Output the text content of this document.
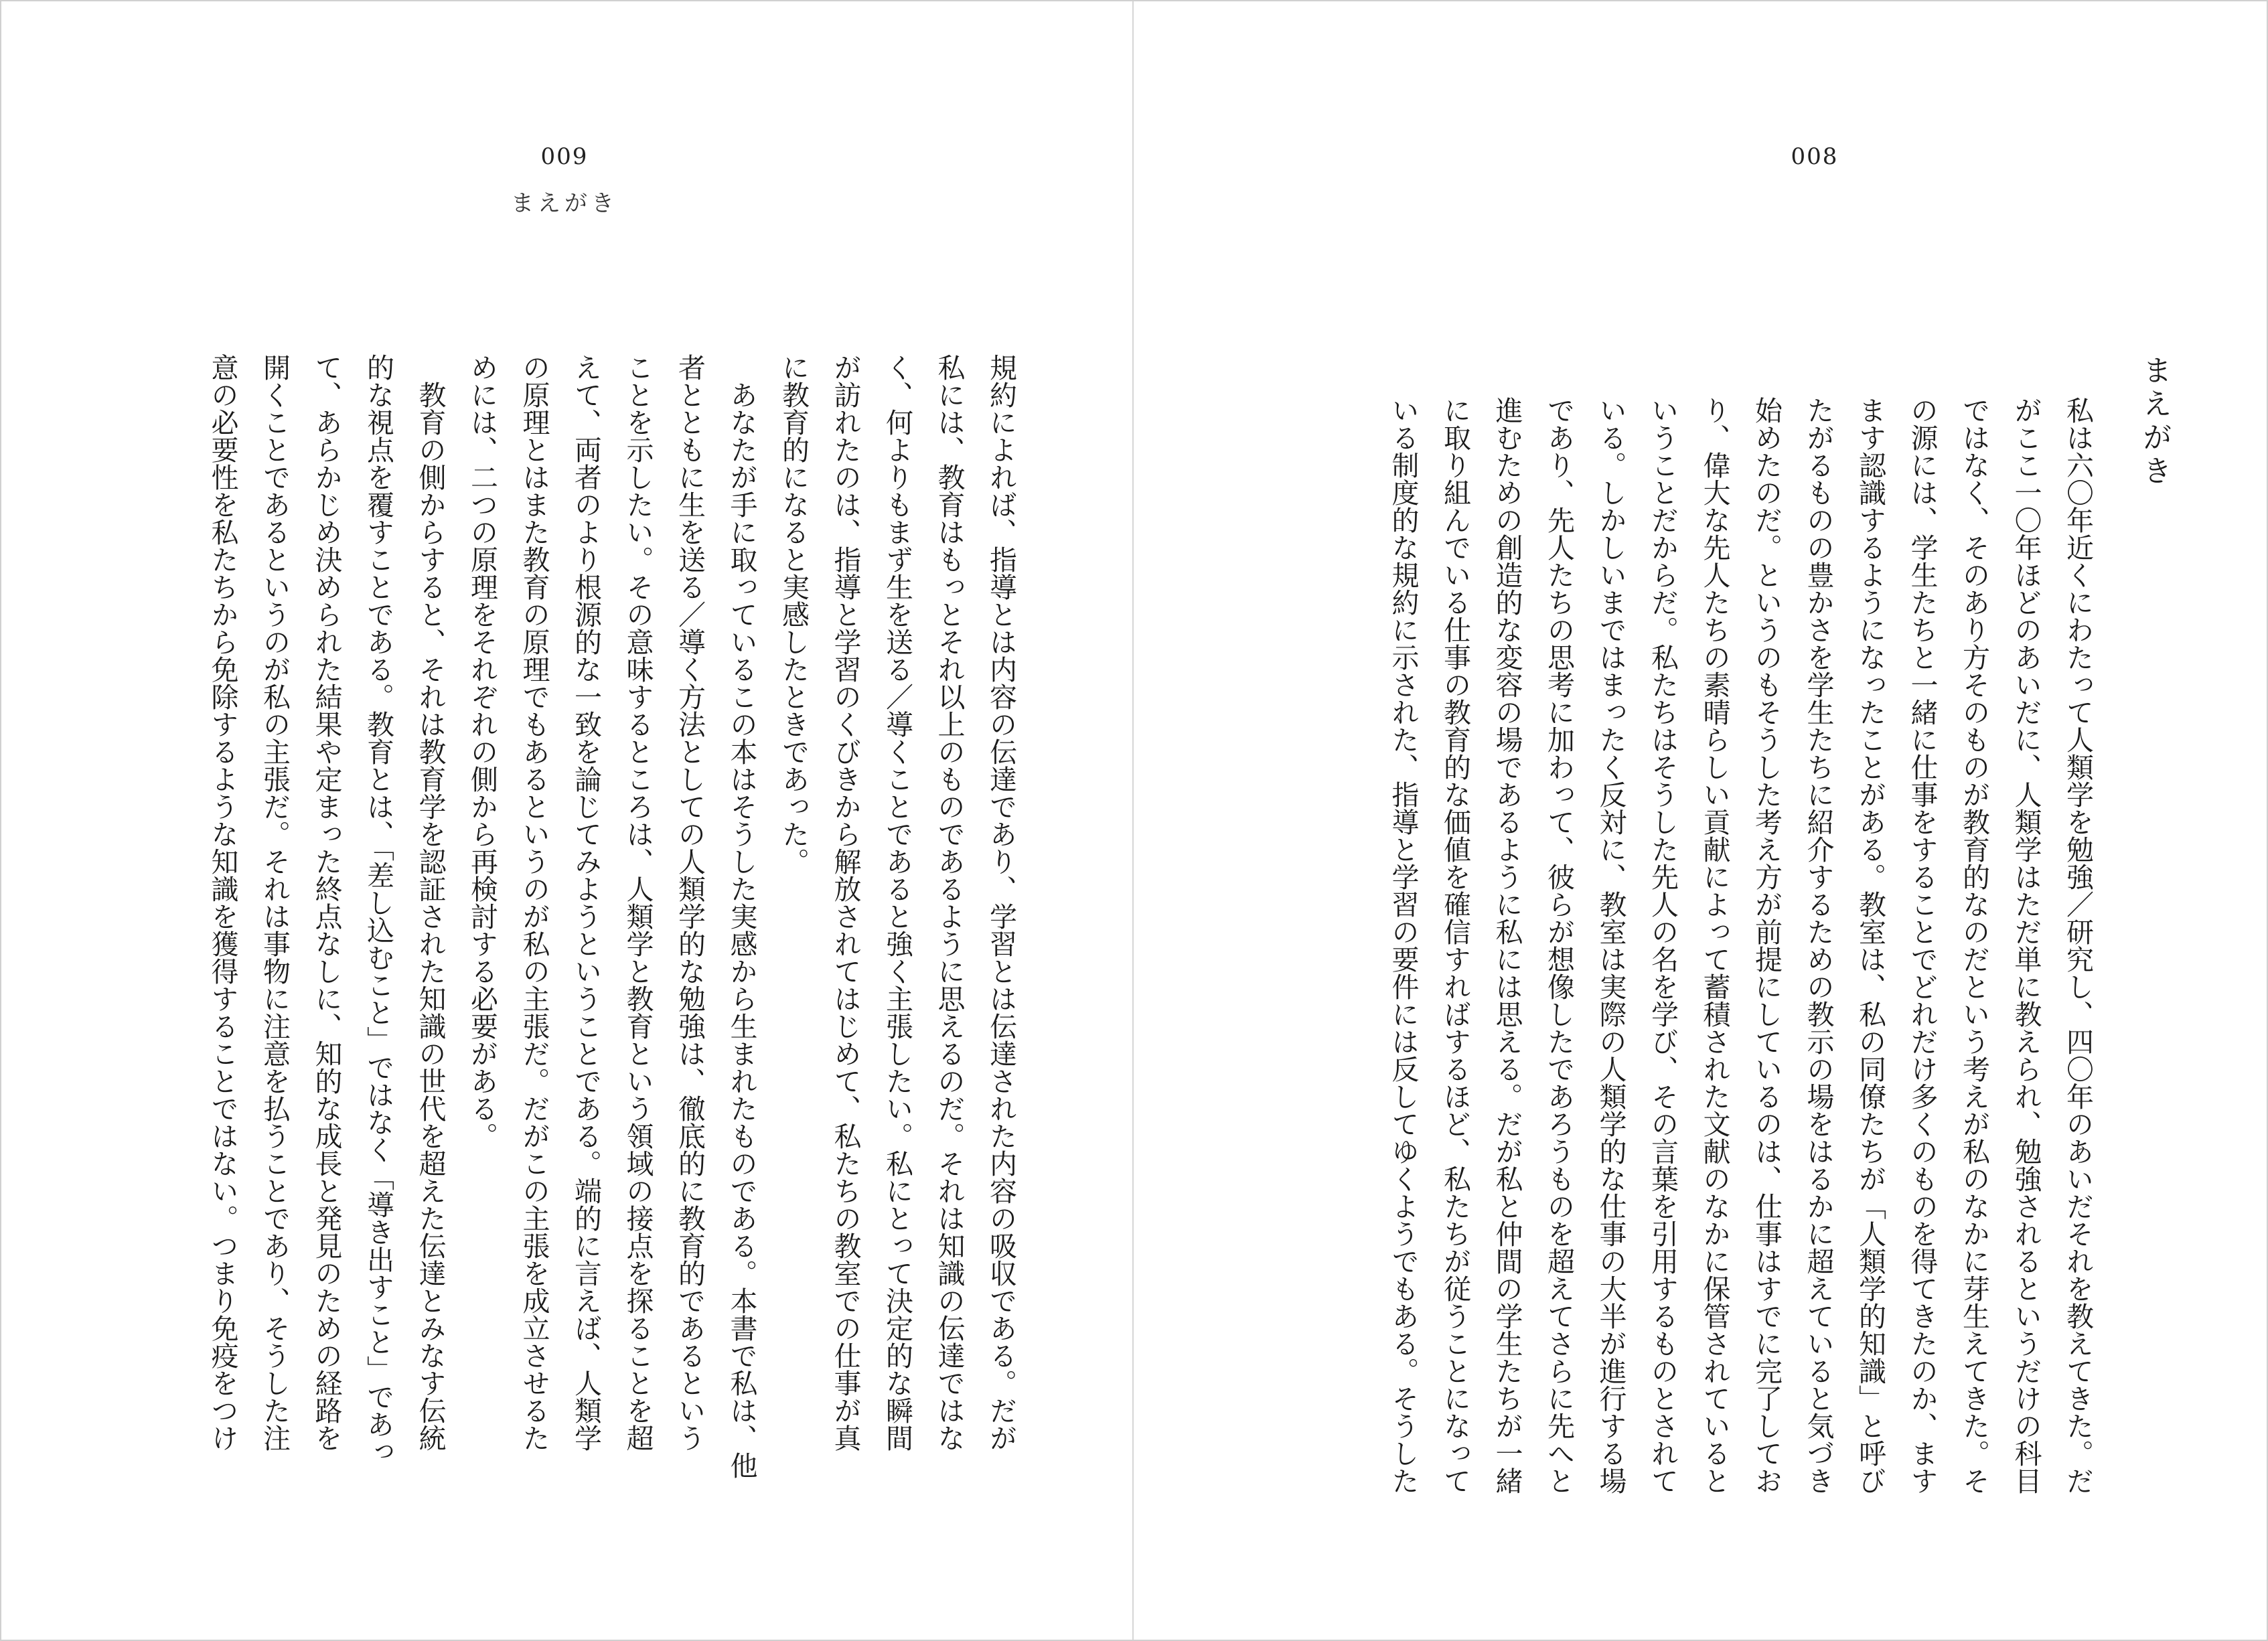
009
まえがき

規約によれば、指導とは内容の伝達であり、学習とは伝達された内容の吸収である。だが

私には、教育はもっとそれ以上のものであるように思えるのだ。それは知識の伝達ではな

く、何よりもまず生を送る／導くことであると強く主張したい。私にとって決定的な瞬間

が訪れたのは、指導と学習のくびきから解放されてはじめて、私たちの教室での仕事が真

に教育的になると実感したときであった。

　あなたが手に取っているこの本はそうした実感から生まれたものである。本書で私は、他

者とともに生を送る／導く方法としての人類学的な勉強は、徹底的に教育的であるという

ことを示したい。その意味するところは、人類学と教育という領域の接点を探ることを超

えて、両者のより根源的な一致を論じてみようということである。端的に言えば、人類学

の原理とはまた教育の原理でもあるというのが私の主張だ。だがこの主張を成立させるた

めには、二つの原理をそれぞれの側から再検討する必要がある。

　教育の側からすると、それは教育学を認証された知識の世代を超えた伝達とみなす伝統

的な視点を覆すことである。教育とは、「差し込むこと」ではなく「導き出すこと」であっ

て、あらかじめ決められた結果や定まった終点なしに、知的な成長と発見のための経路を

開くことであるというのが私の主張だ。それは事物に注意を払うことであり、そうした注

意の必要性を私たちから免除するような知識を獲得することではない。つまり免疫をつけ

008
まえがき

私は六〇年近くにわたって人類学を勉強／研究し、四〇年のあいだそれを教えてきた。だ

がここ一〇年ほどのあいだに、人類学はただ単に教えられ、勉強されるというだけの科目

ではなく、そのあり方そのものが教育的なのだという考えが私のなかに芽生えてきた。そ

の源には、学生たちと一緒に仕事をすることでどれだけ多くのものを得てきたのか、ます

ます認識するようになったことがある。教室は、私の同僚たちが「人類学的知識」と呼び

たがるものの豊かさを学生たちに紹介するための教示の場をはるかに超えていると気づき

始めたのだ。というのもそうした考え方が前提にしているのは、仕事はすでに完了してお

り、偉大な先人たちの素晴らしい貢献によって蓄積された文献のなかに保管されていると

いうことだからだ。私たちはそうした先人の名を学び、その言葉を引用するものとされて

いる。しかしいまではまったく反対に、教室は実際の人類学的な仕事の大半が進行する場

であり、先人たちの思考に加わって、彼らが想像したであろうものを超えてさらに先へと

進むための創造的な変容の場であるように私には思える。だが私と仲間の学生たちが一緒

に取り組んでいる仕事の教育的な価値を確信すればするほど、私たちが従うことになって

いる制度的な規約に示された、指導と学習の要件には反してゆくようでもある。そうした
